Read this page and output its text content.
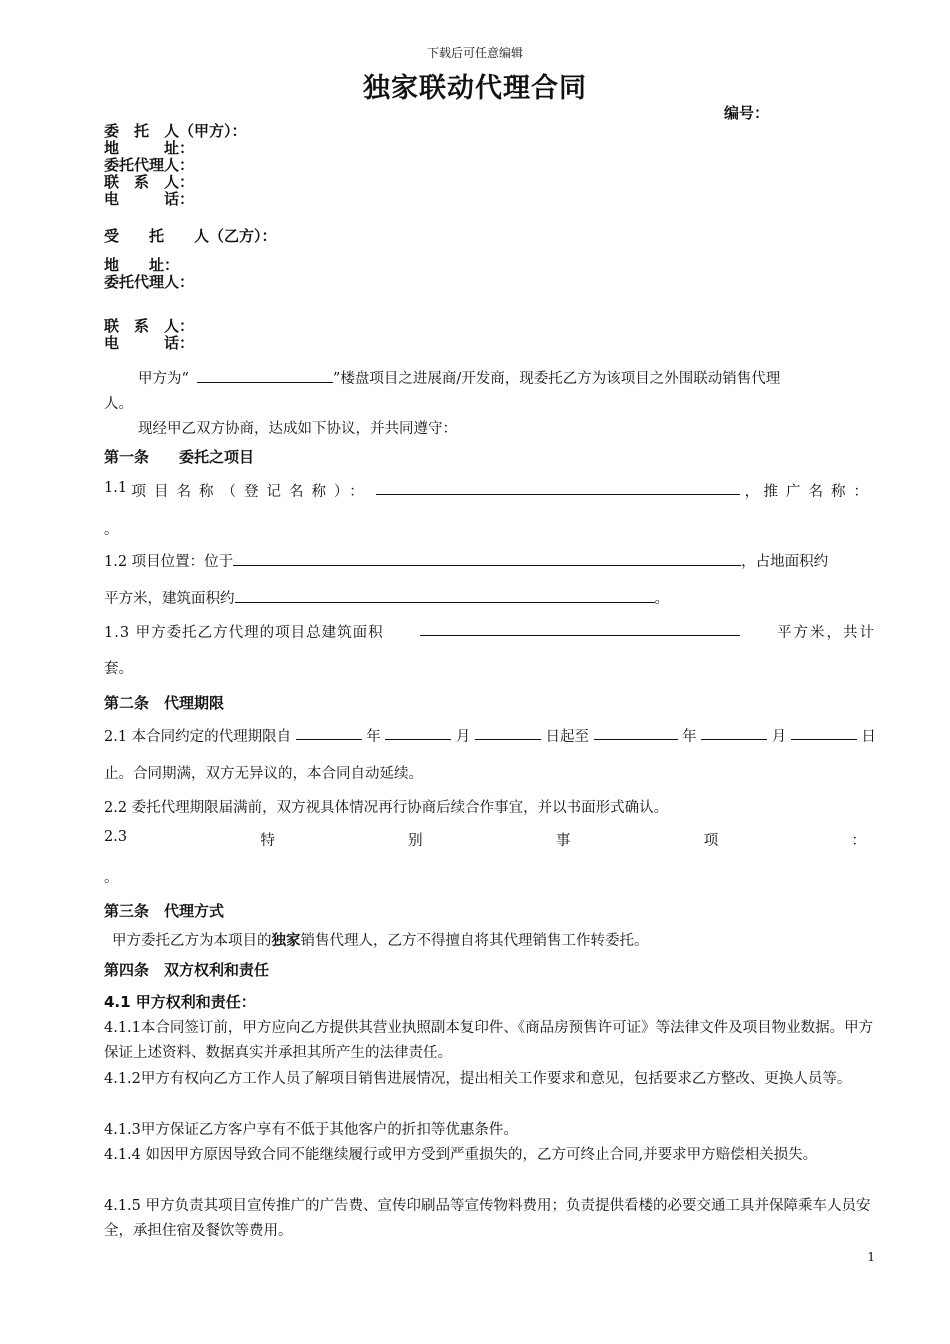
下载后可任意编辑
独家联动代理合同
编号：
委　托　人（甲方）：
地　　　址：
委托代理人：
联　系　人：
电　　　话：
受　　托　　人（乙方）：
地　　址：
委托代理人：
联　系　人：
电　　　话：
甲方为“	”楼盘项目之进展商/开发商，现委托乙方为该项目之外围联动销售代理
人。
现经甲乙双方协商，达成如下协议，并共同遵守：
第一条　　委托之项目
1.1 项目名称（登记名称）：	， 推广名称：
。
1.2 项目位置：位于	，占地面积约
平方米，建筑面积约	。
1.3 甲方委托乙方代理的项目总建筑面积	平方米，共计
套。
第二条　代理期限
2.1 本合同约定的代理期限自	年	月	日起至	年	月	日
止。合同期满，双方无异议的，本合同自动延续。
2.2 委托代理期限届满前，双方视具体情况再行协商后续合作事宜，并以书面形式确认。
2.3	特	别	事	项	：
。
第三条　代理方式
甲方委托乙方为本项目的独家销售代理人，乙方不得擅自将其代理销售工作转委托。
第四条　双方权利和责任
4.1 甲方权利和责任：
4.1.1本合同签订前，甲方应向乙方提供其营业执照副本复印件、《商品房预售许可证》等法律文件及项目物业数据。甲方保证上述资料、数据真实并承担其所产生的法律责任。
4.1.2甲方有权向乙方工作人员了解项目销售进展情况，提出相关工作要求和意见，包括要求乙方整改、更换人员等。
4.1.3甲方保证乙方客户享有不低于其他客户的折扣等优惠条件。
4.1.4 如因甲方原因导致合同不能继续履行或甲方受到严重损失的，乙方可终止合同,并要求甲方赔偿相关损失。
4.1.5 甲方负责其项目宣传推广的广告费、宣传印刷品等宣传物料费用；负责提供看楼的必要交通工具并保障乘车人员安全，承担住宿及餐饮等费用。
1
